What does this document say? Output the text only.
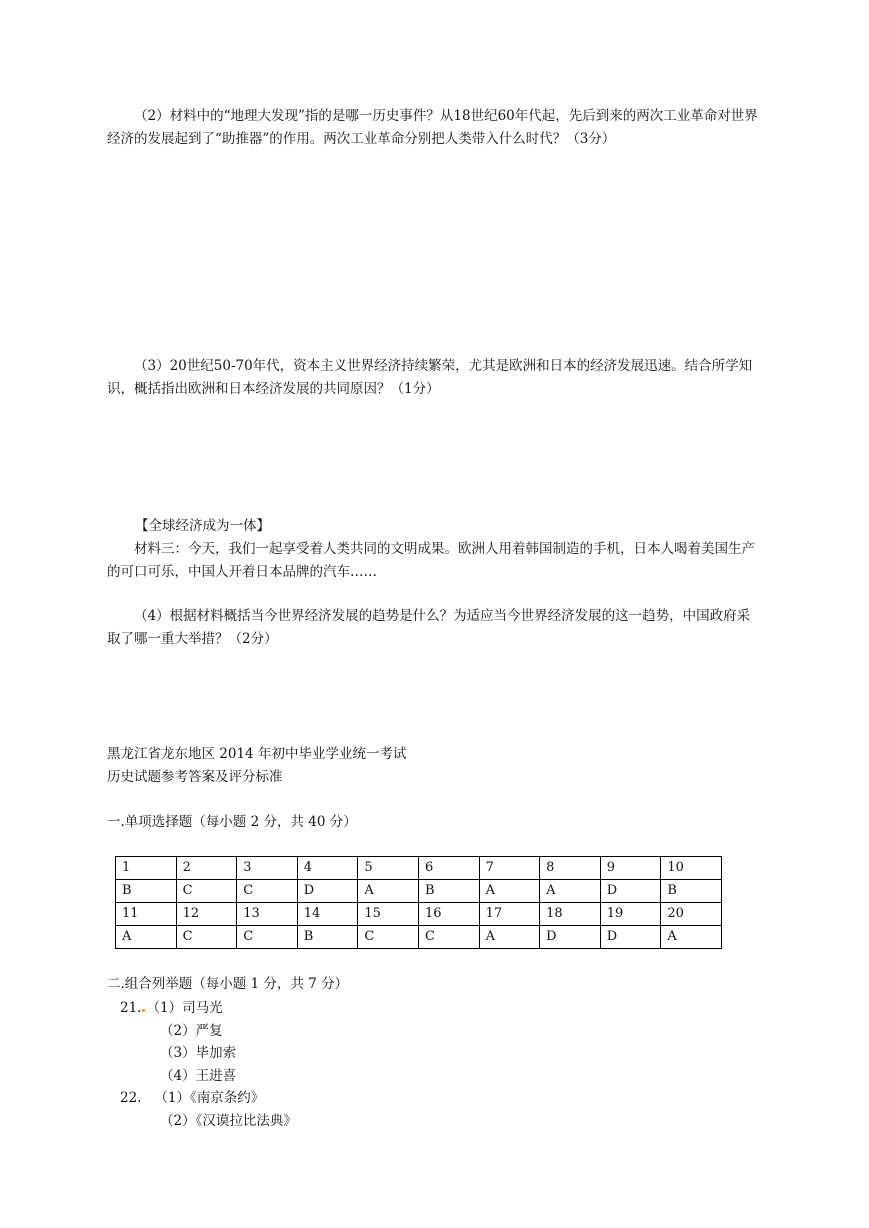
（2）材料中的“地理大发现”指的是哪一历史事件？从18世纪60年代起，先后到来的两次工业革命对世界经济的发展起到了“助推器”的作用。两次工业革命分别把人类带入什么时代？（3分）

（3）20世纪50-70年代，资本主义世界经济持续繁荣，尤其是欧洲和日本的经济发展迅速。结合所学知识，概括指出欧洲和日本经济发展的共同原因？（1分）

【全球经济成为一体】
材料三：今天，我们一起享受着人类共同的文明成果。欧洲人用着韩国制造的手机，日本人喝着美国生产的可口可乐，中国人开着日本品牌的汽车……

（4）根据材料概括当今世界经济发展的趋势是什么？为适应当今世界经济发展的这一趋势，中国政府采取了哪一重大举措？（2分）

黑龙江省龙东地区 2014 年初中毕业学业统一考试
历史试题参考答案及评分标准
一.单项选择题（每小题 2 分，共 40 分）
1	2	3	4	5	6	7	8	9	10
B	C	C	D	A	B	A	A	D	B
11	12	13	14	15	16	17	18	19	20
A	C	C	B	C	C	A	D	D	A
二.组合列举题（每小题 1 分，共 7 分）
21. （1）司马光
（2）严复
（3）毕加索
（4）王进喜
22. （1）《南京条约》
（2）《汉谟拉比法典》
